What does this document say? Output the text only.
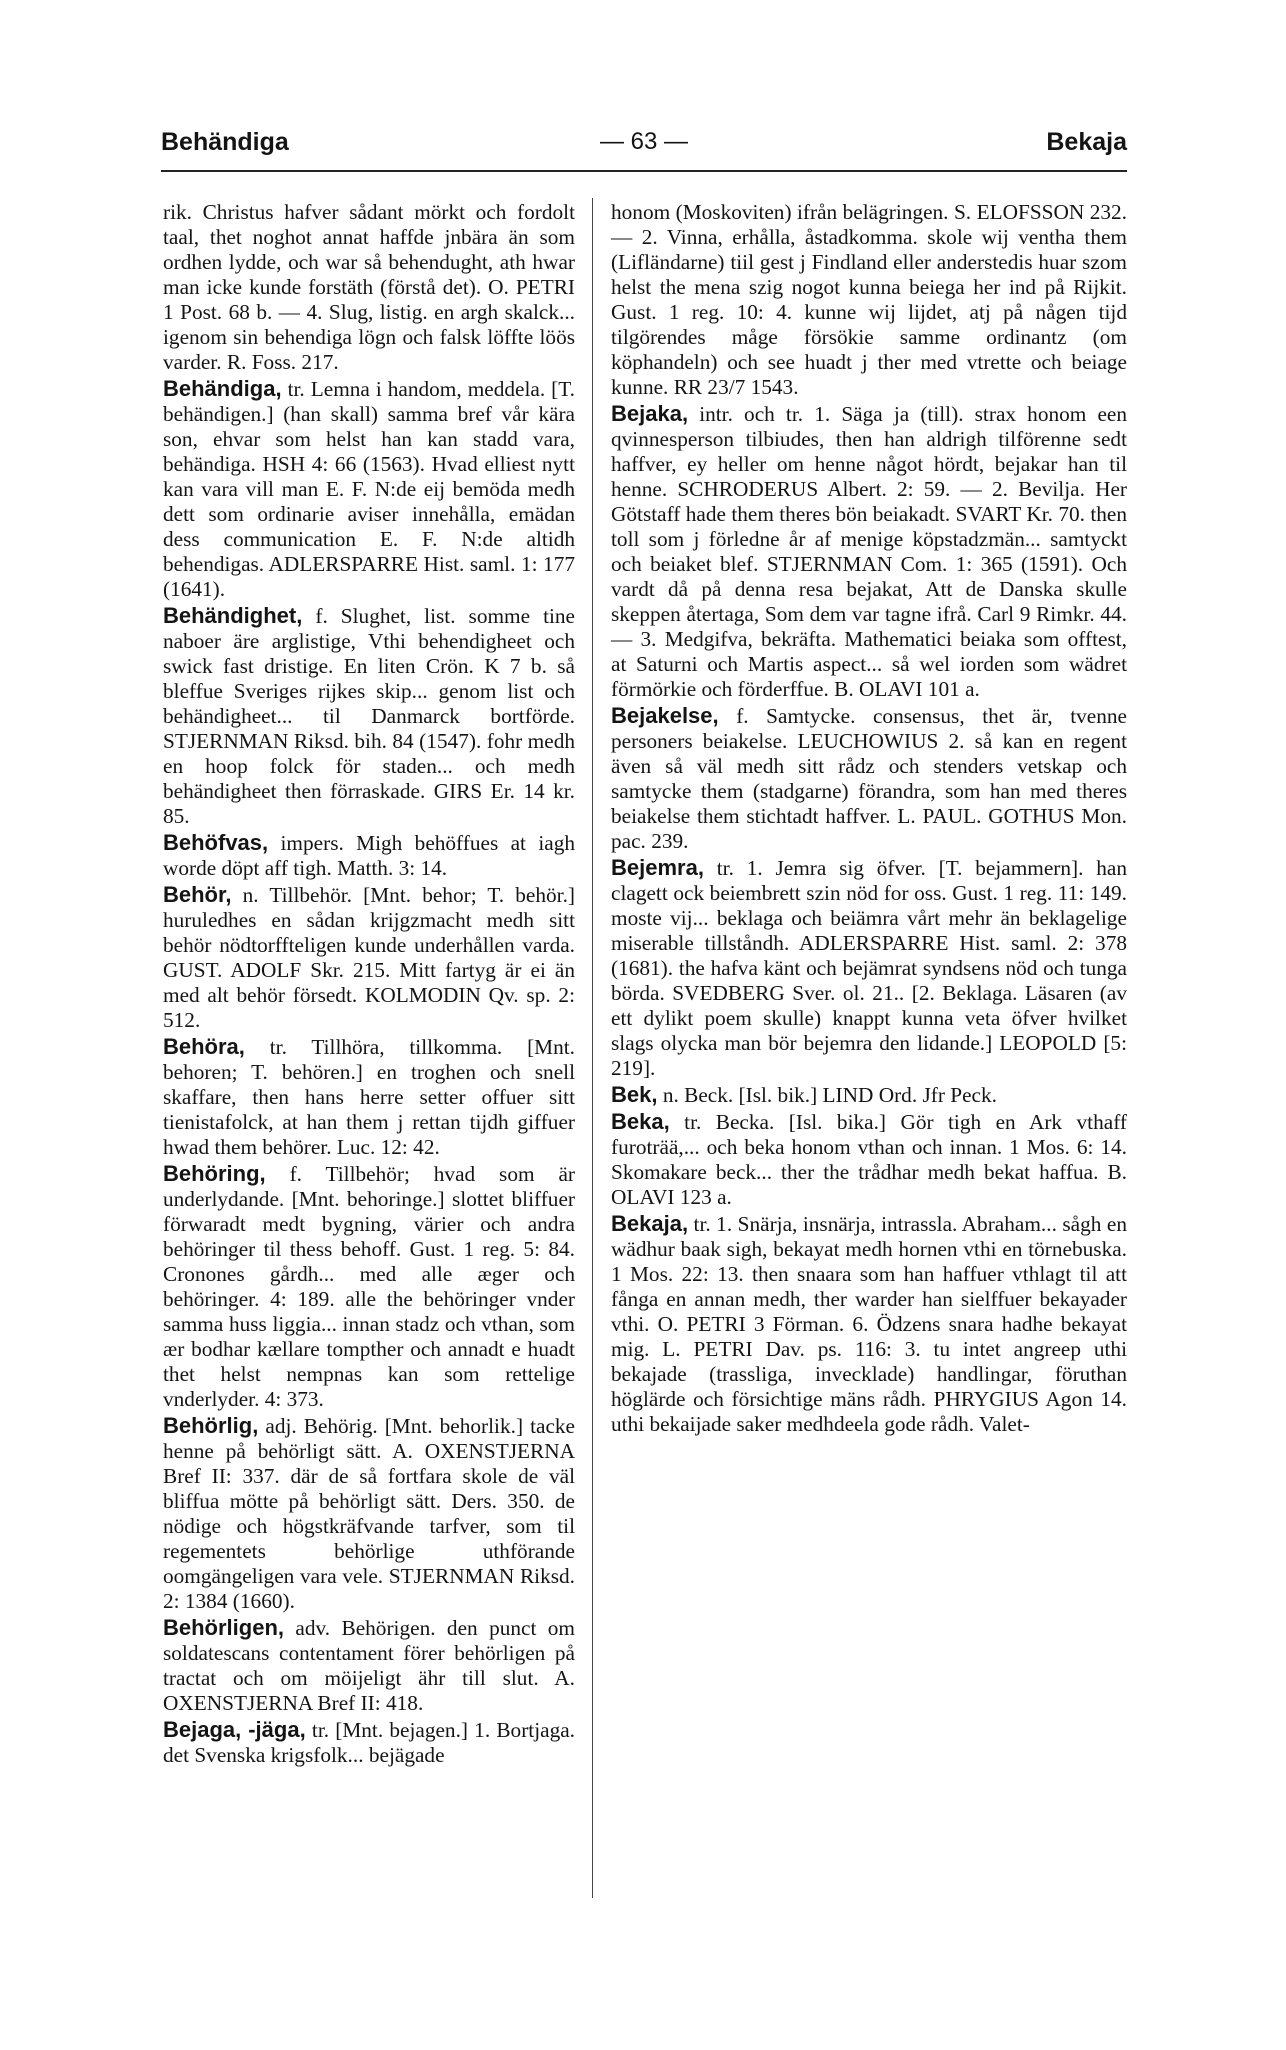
Behändiga	— 63 —	Bekaja

rik. Christus hafver sådant mörkt och fordolt taal, thet noghot annat haffde jnbära än som ordhen lydde, och war så behendught, ath hwar man icke kunde forstäth (förstå det). O. PETRI 1 Post. 68 b. — 4. Slug, listig. en argh skalck... igenom sin behendiga lögn och falsk löffte löös varder. R. Foss. 217.

Behändiga, tr. Lemna i handom, meddela. [T. behändigen.] (han skall) samma bref vår kära son, ehvar som helst han kan stadd vara, behändiga. HSH 4: 66 (1563). Hvad elliest nytt kan vara vill man E. F. N:de eij bemöda medh dett som ordinarie aviser innehålla, emädan dess communication E. F. N:de altidh behendigas. ADLERSPARRE Hist. saml. 1: 177 (1641).

Behändighet, f. Slughet, list. somme tine naboer äre arglistige, Vthi behendigheet och swick fast dristige. En liten Crön. K 7 b. så bleffue Sveriges rijkes skip... genom list och behändigheet... til Danmarck bortförde. STJERNMAN Riksd. bih. 84 (1547). fohr medh en hoop folck för staden... och medh behändigheet then förraskade. GIRS Er. 14 kr. 85.

Behöfvas, impers. Migh behöffues at iagh worde döpt aff tigh. Matth. 3: 14.

Behör, n. Tillbehör. [Mnt. behor; T. behör.] huruledhes en sådan krijgzmacht medh sitt behör nödtorffteligen kunde underhållen varda. GUST. ADOLF Skr. 215. Mitt fartyg är ei än med alt behör försedt. KOLMODIN Qv. sp. 2: 512.

Behöra, tr. Tillhöra, tillkomma. [Mnt. behoren; T. behören.] en troghen och snell skaffare, then hans herre setter offuer sitt tienistafolck, at han them j rettan tijdh giffuer hwad them behörer. Luc. 12: 42.

Behöring, f. Tillbehör; hvad som är underlydande. [Mnt. behoringe.] slottet bliffuer förwaradt medt bygning, värier och andra behöringer til thess behoff. Gust. 1 reg. 5: 84. Cronones gårdh... med alle æger och behöringer. 4: 189. alle the behöringer vnder samma huss liggia... innan stadz och vthan, som ær bodhar kællare tompther och annadt e huadt thet helst nempnas kan som rettelige vnderlyder. 4: 373.

Behörlig, adj. Behörig. [Mnt. behorlik.] tacke henne på behörligt sätt. A. OXENSTJERNA Bref II: 337. där de så fortfara skole de väl bliffua mötte på behörligt sätt. Ders. 350. de nödige och högstkräfvande tarfver, som til regementets behörlige uthförande oomgängeligen vara vele. STJERNMAN Riksd. 2: 1384 (1660).

Behörligen, adv. Behörigen. den punct om soldatescans contentament förer behörligen på tractat och om möijeligt ähr till slut. A. OXENSTJERNA Bref II: 418.

Bejaga, -jäga, tr. [Mnt. bejagen.] 1. Bortjaga. det Svenska krigsfolk... bejägade

honom (Moskoviten) ifrån belägringen. S. ELOFSSON 232. — 2. Vinna, erhålla, åstadkomma. skole wij ventha them (Lifländarne) tiil gest j Findland eller anderstedis huar szom helst the mena szig nogot kunna beiega her ind på Rijkit. Gust. 1 reg. 10: 4. kunne wij lijdet, atj på någen tijd tilgörendes måge försökie samme ordinantz (om köphandeln) och see huadt j ther med vtrette och beiage kunne. RR 23/7 1543.

Bejaka, intr. och tr. 1. Säga ja (till). strax honom een qvinnesperson tilbiudes, then han aldrigh tilförenne sedt haffver, ey heller om henne något hördt, bejakar han til henne. SCHRODERUS Albert. 2: 59. — 2. Bevilja. Her Götstaff hade them theres bön beiakadt. SVART Kr. 70. then toll som j förledne år af menige köpstadzmän... samtyckt och beiaket blef. STJERNMAN Com. 1: 365 (1591). Och vardt då på denna resa bejakat, Att de Danska skulle skeppen återtaga, Som dem var tagne ifrå. Carl 9 Rimkr. 44. — 3. Medgifva, bekräfta. Mathematici beiaka som offtest, at Saturni och Martis aspect... så wel iorden som wädret förmörkie och förderffue. B. OLAVI 101 a.

Bejakelse, f. Samtycke. consensus, thet är, tvenne personers beiakelse. LEUCHOWIUS 2. så kan en regent även så väl medh sitt rådz och stenders vetskap och samtycke them (stadgarne) förandra, som han med theres beiakelse them stichtadt haffver. L. PAUL. GOTHUS Mon. pac. 239.

Bejemra, tr. 1. Jemra sig öfver. [T. bejammern]. han clagett ock beiembrett szin nöd for oss. Gust. 1 reg. 11: 149. moste vij... beklaga och beiämra vårt mehr än beklagelige miserable tillståndh. ADLERSPARRE Hist. saml. 2: 378 (1681). the hafva känt och bejämrat syndsens nöd och tunga börda. SVEDBERG Sver. ol. 21.. [2. Beklaga. Läsaren (av ett dylikt poem skulle) knappt kunna veta öfver hvilket slags olycka man bör bejemra den lidande.] LEOPOLD [5: 219].

Bek, n. Beck. [Isl. bik.] LIND Ord. Jfr Peck.

Beka, tr. Becka. [Isl. bika.] Gör tigh en Ark vthaff furoträä,... och beka honom vthan och innan. 1 Mos. 6: 14. Skomakare beck... ther the trådhar medh bekat haffua. B. OLAVI 123 a.

Bekaja, tr. 1. Snärja, insnärja, intrassla. Abraham... sågh en wädhur baak sigh, bekayat medh hornen vthi en törnebuska. 1 Mos. 22: 13. then snaara som han haffuer vthlagt til att fånga en annan medh, ther warder han sielffuer bekayader vthi. O. PETRI 3 Förman. 6. Ödzens snara hadhe bekayat mig. L. PETRI Dav. ps. 116: 3. tu intet angreep uthi bekajade (trassliga, invecklade) handlingar, föruthan höglärde och försichtige mäns rådh. PHRYGIUS Agon 14. uthi bekaijade saker medhdeela gode rådh. Valet-
